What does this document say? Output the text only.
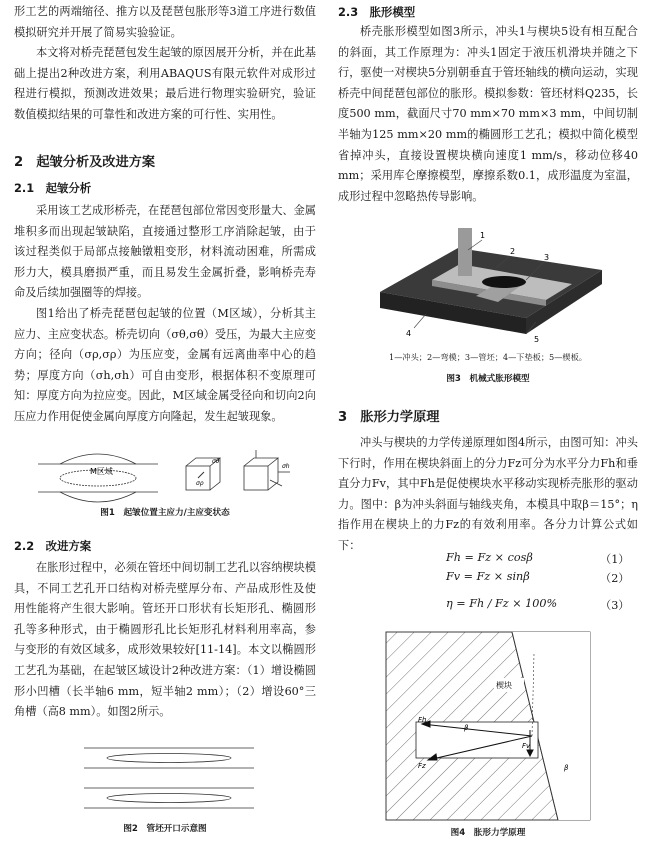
形工艺的两端缩径、推方以及琵琶包胀形等3道工序进行数值模拟研究并开展了简易实验验证。

本文将对桥壳琵琶包发生起皱的原因展开分析，并在此基础上提出2种改进方案，利用ABAQUS有限元软件对成形过程进行模拟，预测改进效果；最后进行物理实验研究，验证数值模拟结果的可靠性和改进方案的可行性、实用性。

2　起皱分析及改进方案
2.1　起皱分析

采用该工艺成形桥壳，在琵琶包部位常因变形量大、金属堆积多而出现起皱缺陷，直接通过整形工序消除起皱，由于该过程类似于局部点接触镦粗变形，材料流动困难，所需成形力大，模具磨损严重，而且易发生金属折叠，影响桥壳寿命及后续加强圈等的焊接。

图1给出了桥壳琵琶包起皱的位置（M区域），分析其主应力、主应变状态。桥壳切向（σθ,σθ）受压，为最大主应变方向；径向（σρ,σρ）为压应变，金属有远离曲率中心的趋势；厚度方向（σh,σh）可自由变形，根据体积不变原理可知：厚度方向为拉应变。因此，M区域金属受径向和切向2向压应力作用促使金属向厚度方向隆起，发生起皱现象。

M区域
σθ
σρ
σh
图1　起皱位置主应力/主应变状态
2.2　改进方案

在胀形过程中，必须在管坯中间切制工艺孔以容纳楔块模具，不同工艺孔开口结构对桥壳壁厚分布、产品成形性及使用性能将产生很大影响。管坯开口形状有长矩形孔、椭圆形孔等多种形式，由于椭圆形孔比长矩形孔材料利用率高，参与变形的有效区域多，成形效果较好[11-14]。本文以椭圆形工艺孔为基础，在起皱区域设计2种改进方案：（1）增设椭圆形小凹槽（长半轴6 mm，短半轴2 mm）；（2）增设60°三角槽（高8 mm）。如图2所示。

图2　管坯开口示意图
2.3　胀形模型

桥壳胀形模型如图3所示，冲头1与楔块5设有相互配合的斜面，其工作原理为：冲头1固定于液压机滑块并随之下行，驱使一对楔块5分别朝垂直于管坯轴线的横向运动，实现桥壳中间琵琶包部位的胀形。模拟参数：管坯材料Q235，长度500 mm，截面尺寸70 mm×70 mm×3 mm，中间切制半轴为125 mm×20 mm的椭圆形工艺孔；模拟中简化模型省掉冲头，直接设置楔块横向速度1 mm/s，移动位移40 mm；采用库仑摩擦模型，摩擦系数0.1，成形温度为室温，成形过程中忽略热传导影响。

1
2
3
4
5
1—冲头；2—弯模；3—管坯；4—下垫板；5—楔板。
图3　机械式胀形模型
3　胀形力学原理

冲头与楔块的力学传递原理如图4所示，由图可知：冲头下行时，作用在楔块斜面上的分力Fz可分为水平分力Fh和垂直分力Fv，其中Fh是促使楔块水平移动实现桥壳胀形的驱动力。图中：β为冲头斜面与轴线夹角，本模具中取β＝15°；η指作用在楔块上的力Fz的有效利用率。各分力计算公式如下：

Fh = Fz × cosβ	（1）
Fv = Fz × sinβ	（2）
η = Fh / Fz × 100%	（3）
楔块
Fh
Fz
Fv
β
β
图4　胀形力学原理
